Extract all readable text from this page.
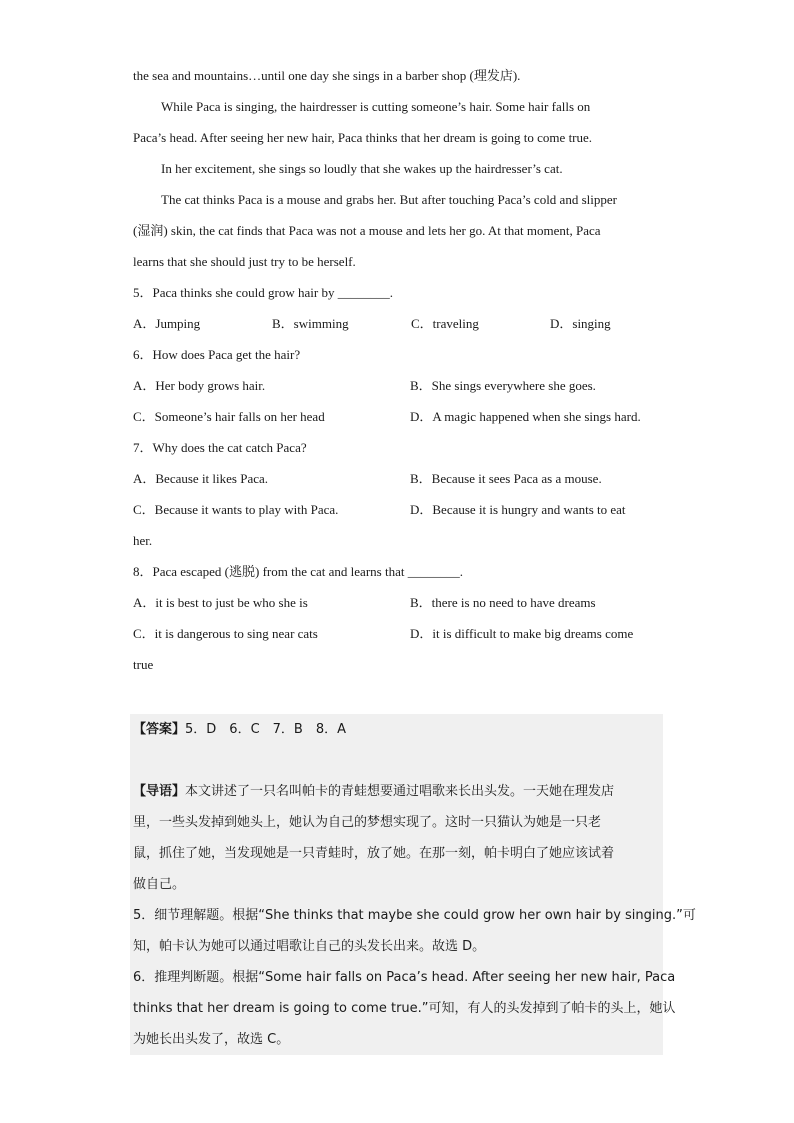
the sea and mountains…until one day she sings in a barber shop (理发店).
While Paca is singing, the hairdresser is cutting someone’s hair. Some hair falls on
Paca’s head. After seeing her new hair, Paca thinks that her dream is going to come true.
In her excitement, she sings so loudly that she wakes up the hairdresser’s cat.
The cat thinks Paca is a mouse and grabs her. But after touching Paca’s cold and slipper
(湿润) skin, the cat finds that Paca was not a mouse and lets her go. At that moment, Paca
learns that she should just try to be herself.
5．Paca thinks she could grow hair by ________.
A．Jumping	B．swimming	C．traveling	D．singing
6．How does Paca get the hair?
A．Her body grows hair.	B．She sings everywhere she goes.
C．Someone’s hair falls on her head	D．A magic happened when she sings hard.
7．Why does the cat catch Paca?
A．Because it likes Paca.	B．Because it sees Paca as a mouse.
C．Because it wants to play with Paca.	D．Because it is hungry and wants to eat
her.
8．Paca escaped (逃脱) from the cat and learns that ________.
A．it is best to just be who she is	B．there is no need to have dreams
C．it is dangerous to sing near cats	D．it is difficult to make big dreams come
true
【答案】5．D　6．C　7．B　8．A
【导语】本文讲述了一只名叫帕卡的青蛙想要通过唱歌来长出头发。一天她在理发店
里，一些头发掉到她头上，她认为自己的梦想实现了。这时一只猫认为她是一只老
鼠，抓住了她，当发现她是一只青蛙时，放了她。在那一刻，帕卡明白了她应该试着
做自己。
5．细节理解题。根据“She thinks that maybe she could grow her own hair by singing.”可
知，帕卡认为她可以通过唱歌让自己的头发长出来。故选 D。
6．推理判断题。根据“Some hair falls on Paca’s head. After seeing her new hair, Paca
thinks that her dream is going to come true.”可知，有人的头发掉到了帕卡的头上，她认
为她长出头发了，故选 C。
